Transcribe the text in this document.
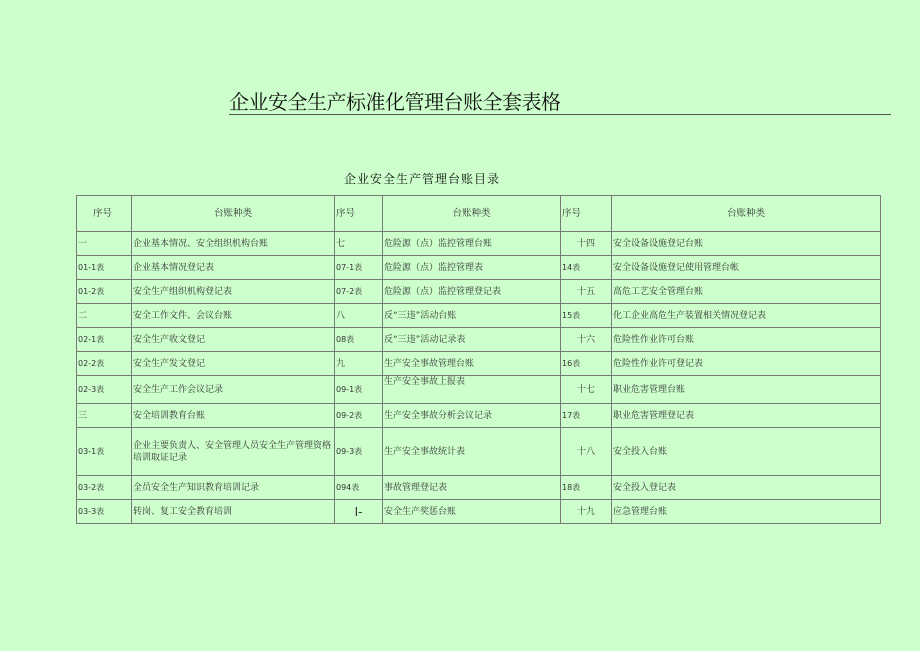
企业安全生产标准化管理台账全套表格
企业安全生产管理台账目录
序号	台账种类	序号	台账种类	序号	台账种类
一	企业基本情况、安全组织机构台账	七	危险源（点）监控管理台账	十四	安全设备设施登记台账
01-1表	企业基本情况登记表	07-1表	危险源（点）监控管理表	14表	安全设备设施登记使用管理台帐
01-2表	安全生产组织机构登记表	07-2表	危险源（点）监控管理登记表	十五	高危工艺安全管理台账
二	安全工作文件、会议台账	八	反“三违”活动台账	15表	化工企业高危生产装置相关情况登记表
02-1表	安全生产收文登记	08表	反“三违”活动记录表	十六	危险性作业许可台账
02-2表	安全生产发文登记	九	生产安全事故管理台账	16表	危险性作业许可登记表
02-3表	安全生产工作会议记录	09-1表	生产安全事故上报表	十七	职业危害管理台账
三	安全培训教育台账	09-2表	生产安全事故分析会议记录	17表	职业危害管理登记表
03-1表	企业主要负责人、安全管理人员安全生产管理资格培训取证记录	09-3表	生产安全事故统计表	十八	安全投入台账
03-2表	全员安全生产知识教育培训记录	094表	事故管理登记表	18表	安全投入登记表
03-3表	转岗、复工安全教育培训	I-	安全生产奖惩台账	十九	应急管理台账
